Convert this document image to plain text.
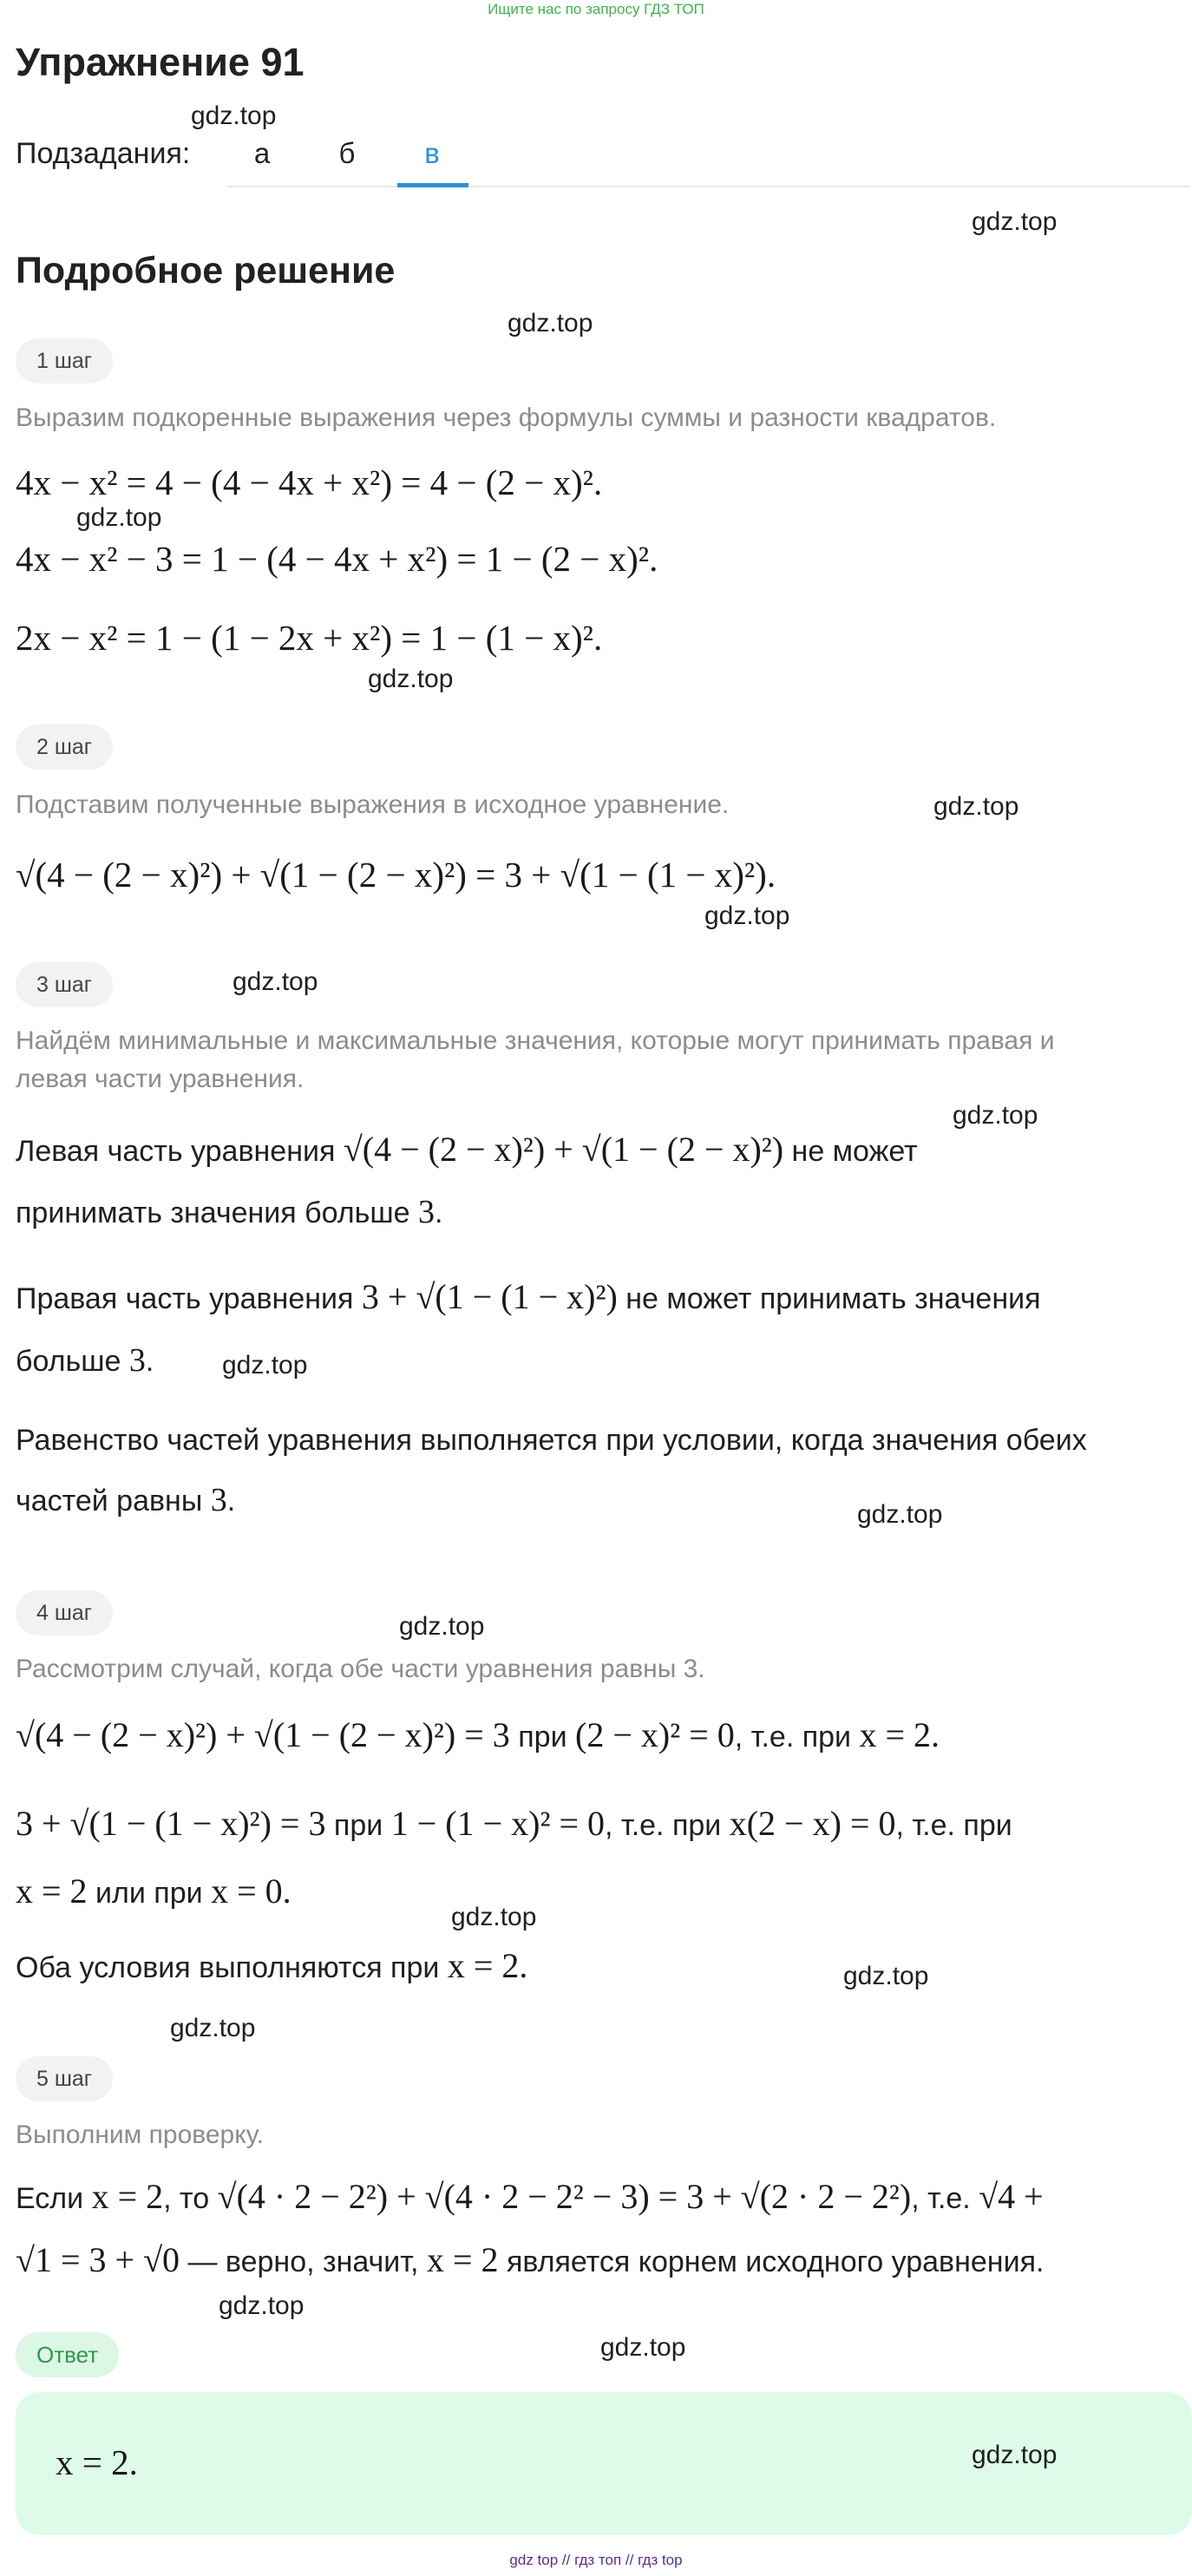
Ищите нас по запросу ГДЗ ТОП
Упражнение 91
gdz.top
Подзадания:	а	б	в
gdz.top
Подробное решение
gdz.top
1 шаг
Выразим подкоренные выражения через формулы суммы и разности квадратов.
4x − x² = 4 − (4 − 4x + x²) = 4 − (2 − x)².
gdz.top
4x − x² − 3 = 1 − (4 − 4x + x²) = 1 − (2 − x)².
2x − x² = 1 − (1 − 2x + x²) = 1 − (1 − x)².
gdz.top
2 шаг
Подставим полученные выражения в исходное уравнение.	gdz.top
√(4 − (2 − x)²) + √(1 − (2 − x)²) = 3 + √(1 − (1 − x)²).
gdz.top
3 шаг	gdz.top
Найдём минимальные и максимальные значения, которые могут принимать правая и
левая части уравнения.
gdz.top
Левая часть уравнения √(4 − (2 − x)²) + √(1 − (2 − x)²) не может
принимать значения больше 3.
Правая часть уравнения 3 + √(1 − (1 − x)²) не может принимать значения
больше 3.	gdz.top
Равенство частей уравнения выполняется при условии, когда значения обеих
частей равны 3.	gdz.top
4 шаг	gdz.top
Рассмотрим случай, когда обе части уравнения равны 3.
√(4 − (2 − x)²) + √(1 − (2 − x)²) = 3 при (2 − x)² = 0, т.е. при x = 2.
3 + √(1 − (1 − x)²) = 3 при 1 − (1 − x)² = 0, т.е. при x(2 − x) = 0, т.е. при
x = 2 или при x = 0.
gdz.top
Оба условия выполняются при x = 2.	gdz.top
gdz.top
5 шаг
Выполним проверку.
Если x = 2, то √(4 · 2 − 2²) + √(4 · 2 − 2² − 3) = 3 + √(2 · 2 − 2²), т.е. √4 +
√1 = 3 + √0 — верно, значит, x = 2 является корнем исходного уравнения.
gdz.top
Ответ	gdz.top
x = 2.	gdz.top
gdz top // гдз топ // гдз top
